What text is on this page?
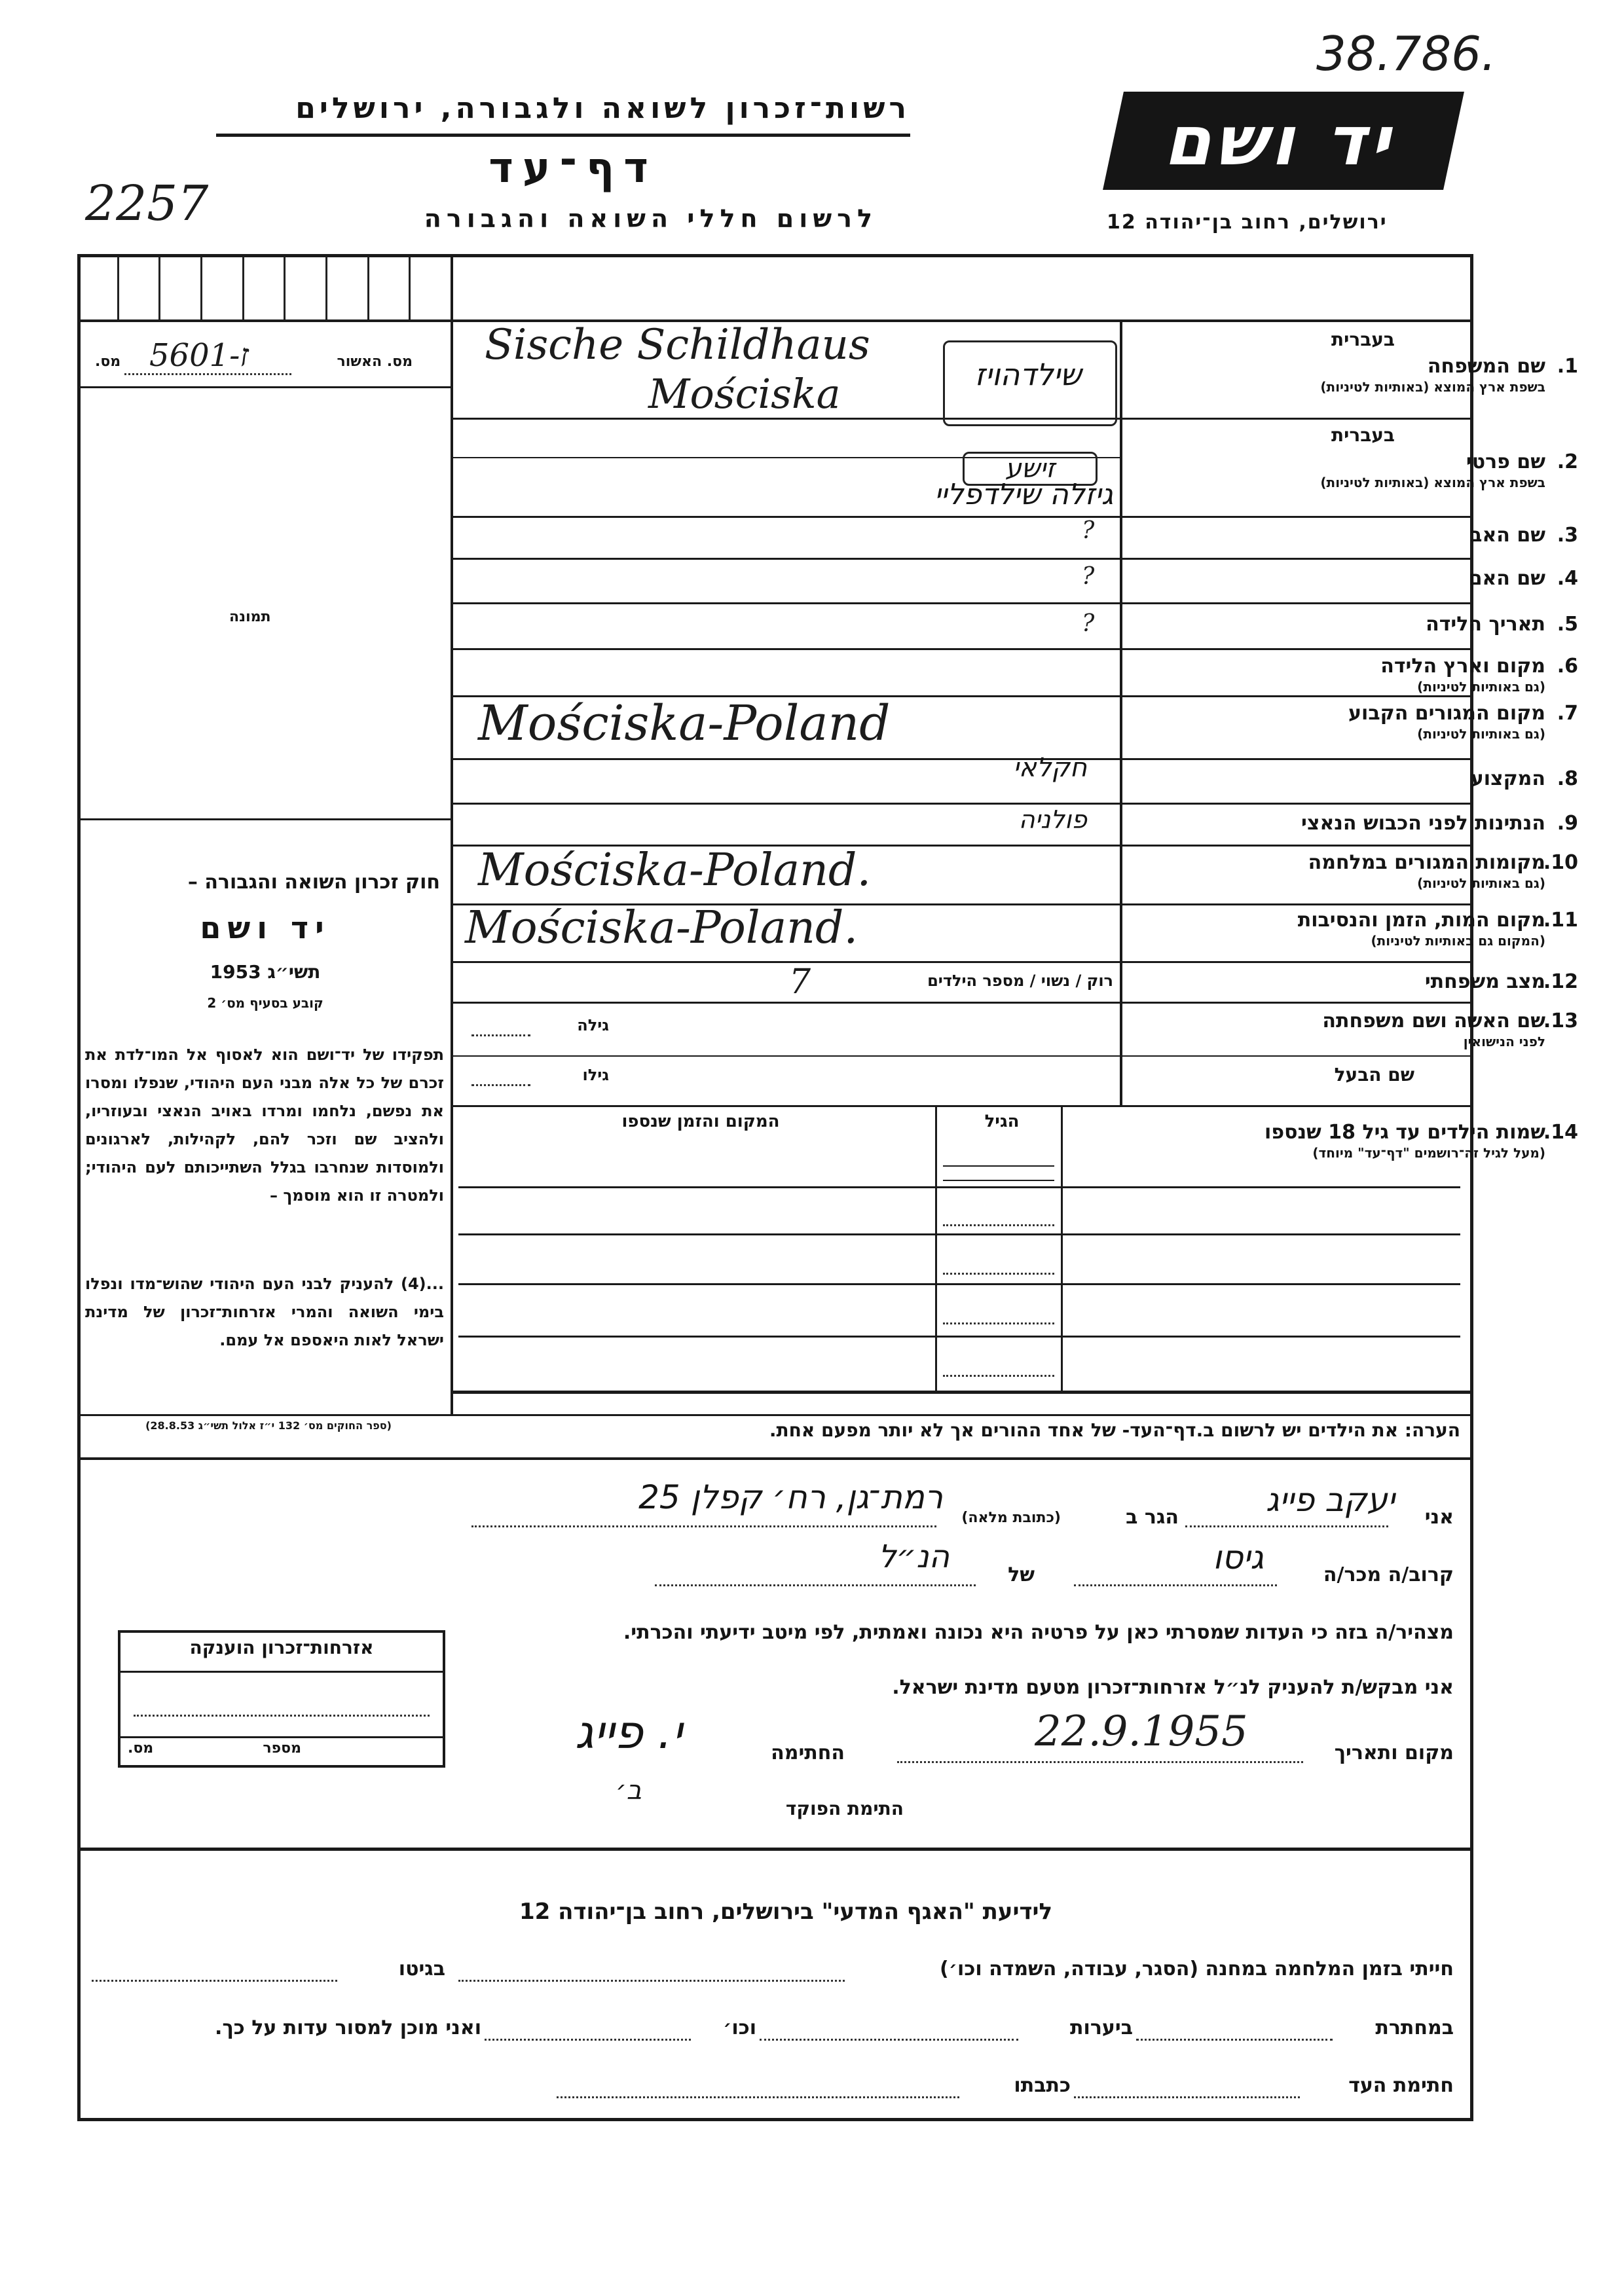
38.786.
2257
רשות־זכרון לשואה ולגבורה, ירושלים
דף־עד
לרשום חללי השואה והגבורה
יד ושם
ירושלים, רחוב בן־יהודה 12
מס. האשור
מס. 5601-ז
תמונה
חוק זכרון השואה והגבורה –
יד ושם
תשי״ג 1953
קובע בסעיף מס׳ 2
תפקידו של יד־ושם הוא לאסוף אל המו־לדת את זכרם של כל אלה מבני העם היהודי, שנפלו ומסרו את נפשם, נלחמו ומרדו באויב הנאצי ובעוזריו, ולהציב שם וזכר להם, לקהילות, לארגונים ולמוסדות שנחרבו בגלל השתייכותם לעם היהודי; ולמטרה זו הוא מוסמך –
...(4) להעניק לבני העם היהודי שהוש־מדו ונפלו בימי השואה והמרי אזרחות־זכרון של מדינת ישראל לאות היאספם אל עמם.
(ספר החוקים מס׳ 132 י״ז אלול תשי״ג 28.8.53)
בעברית
1.שם המשפחה
בשפת ארץ המוצא (באותיות לטיניות)
Sische Schildhaus
Mościska	שילדהויז
בעברית
2.שם פרטי
בשפת ארץ המוצא (באותיות לטיניות)
זישע
גיזלה שילדפליי
3.שם האב
?
4.שם האם
?
5.תאריך הלידה
?
6.מקום וארץ הלידה
(גם באותיות לטיניות)
7.מקום המגורים הקבוע
(גם באותיות לטיניות)
Mościska-Poland
8.המקצוע
חקלאי
9.הנתינות לפני הכבוש הנאצי
פולניה
10.מקומות המגורים במלחמה
(גם באותיות לטיניות)
Mościska-Poland.
11.מקום המות, הזמן והנסיבות
(המקום גם באותיות לטיניות)
Mościska-Poland.
12.מצב משפחתי
רוק / נשוי / מספר הילדים
7
13.שם האשה ושם משפחתה
לפני הנישואין
גילה
שם הבעל
גילו
14.שמות הילדים עד גיל 18 שנספו
(מעל לגיל זה־רושמים "דף־עד" מיוחד)
הגיל
המקום והזמן שנספו
הערה: את הילדים יש לרשום ב.דף־העד- של אחד ההורים אך לא יותר מפעם אחת.
אני
יעקב פייג
הגר ב
(כתובת מלאה)
רמת־גן, רח׳ קפלן 25
קרוב/ה מכר/ה
גיסו
של
הנ״ל
מצהיר/ה בזה כי העדות שמסרתי כאן על פרטיה היא נכונה ואמתית, לפי מיטב ידיעתי והכרתי.
אני מבקש/ת להעניק לנ״ל אזרחות־זכרון מטעם מדינת ישראל.
מקום ותאריך
22.9.1955
החתימה
י. פייג
ב׳
התימת הפוקד
אזרחות־זכרון הוענקה
מספר
מס.
לידיעת "האגף המדעי" בירושלים, רחוב בן־יהודה 12
חייתי בזמן המלחמה במחנה (הסגר, עבודה, השמדה וכו׳)
בגיטו
במחתרת
ביערות
וכו׳
ואני מוכן למסור עדות על כך.
חתימת העד
כתבתו
